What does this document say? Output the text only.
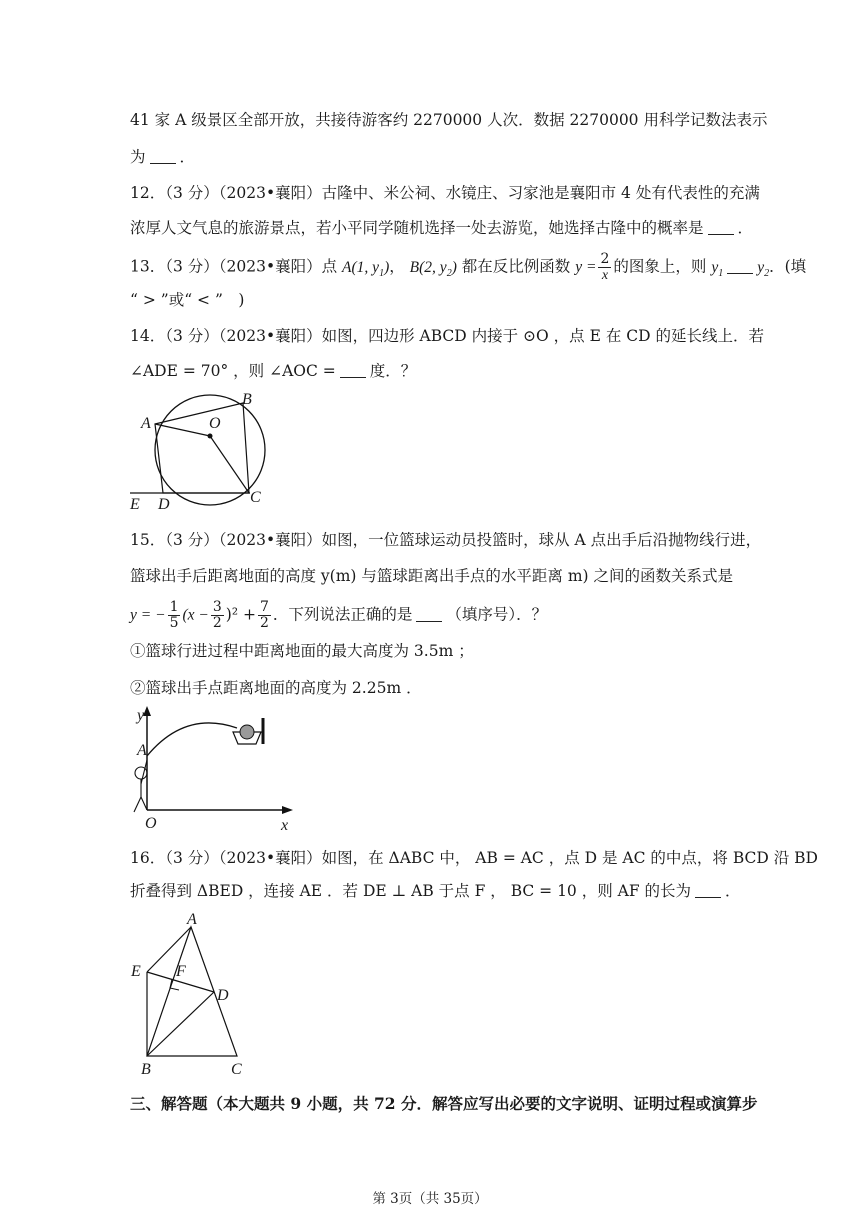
41 家 A 级景区全部开放，共接待游客约 2270000 人次．数据 2270000 用科学记数法表示
为 ．
12．（3 分）（2023•襄阳）古隆中、米公祠、水镜庄、习家池是襄阳市 4 处有代表性的充满
浓厚人文气息的旅游景点，若小平同学随机选择一处去游览，她选择古隆中的概率是 ．
13．（3 分）（2023•襄阳）点 A(1, $y_1$)， B(2, $y_2$) 都在反比例函数 $y = \frac{2}{x}$ 的图象上，则 $y_1$ $y_2$．(填
“ > ”或“ < ”　)
14．（3 分）（2023•襄阳）如图，四边形 ABCD 内接于 ⊙O ，点 E 在 CD 的延长线上．若
∠ADE = 70° ，则 ∠AOC = 度．？
A
B
O
C
D
E
15．（3 分）（2023•襄阳）如图，一位篮球运动员投篮时，球从 A 点出手后沿抛物线行进，
篮球出手后距离地面的高度 y(m) 与篮球距离出手点的水平距离 m) 之间的函数关系式是
y = − $\frac{1}{5} (x - \frac{3}{2} )^2 + \frac{7}{2}$ ．下列说法正确的是 （填序号）．？
①篮球行进过程中距离地面的最大高度为 3.5m ；
②篮球出手点距离地面的高度为 2.25m ．
y
A
O	x
16．（3 分）（2023•襄阳）如图，在 ΔABC 中， AB = AC ，点 D 是 AC 的中点，将 BCD 沿 BD
折叠得到 ΔBED ，连接 AE ．若 DE ⊥ AB 于点 F ， BC = 10 ，则 AF 的长为 ．
A
E F
D
B	C
三、解答题（本大题共 9 小题，共 72 分．解答应写出必要的文字说明、证明过程或演算步
第 3页（共 35页）
